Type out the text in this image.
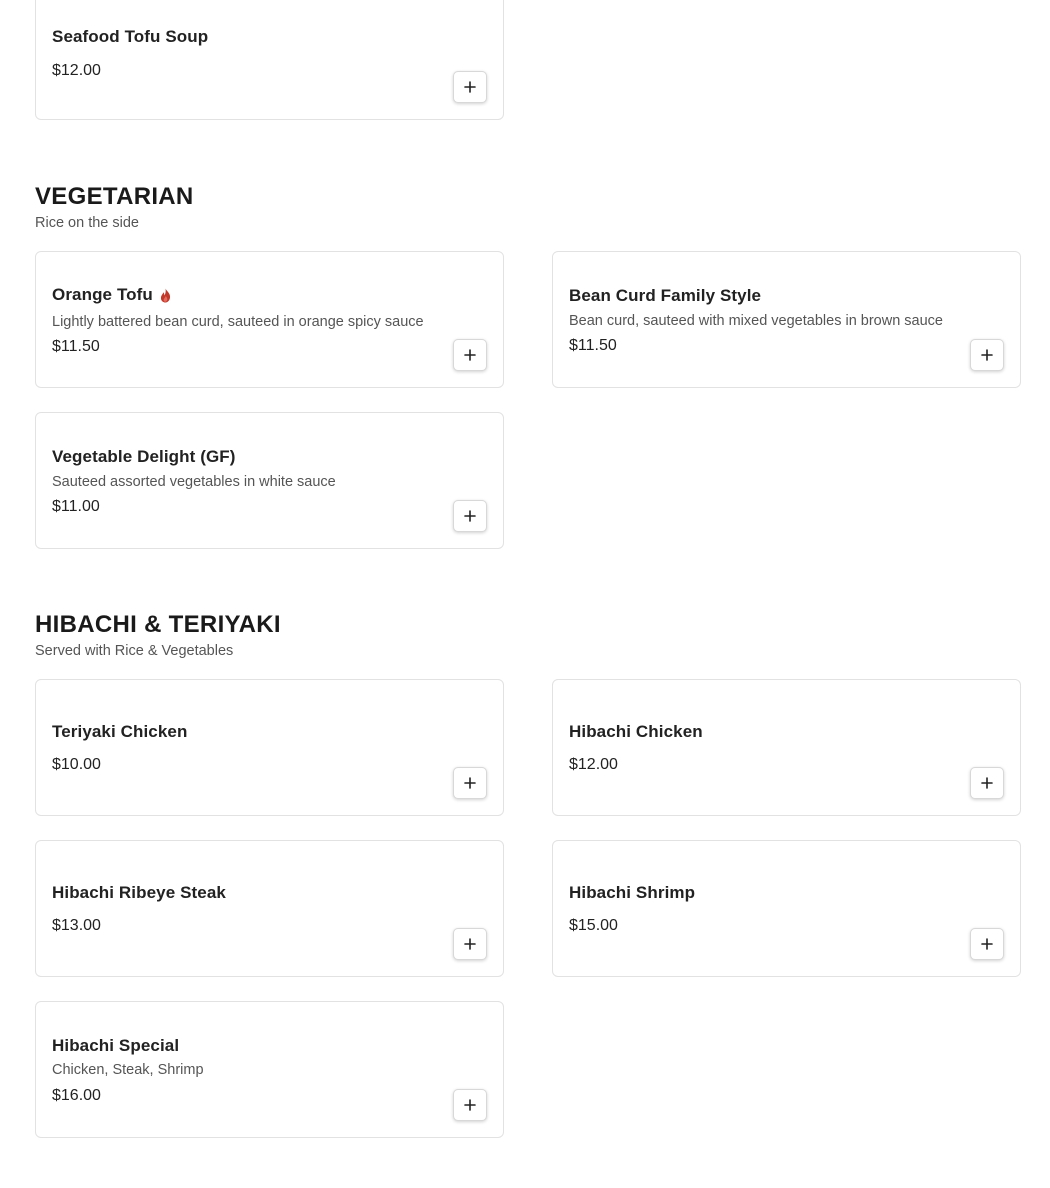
Seafood Tofu Soup
$12.00
VEGETARIAN
Rice on the side
Orange Tofu
Lightly battered bean curd, sauteed in orange spicy sauce
$11.50
Bean Curd Family Style
Bean curd, sauteed with mixed vegetables in brown sauce
$11.50
Vegetable Delight (GF)
Sauteed assorted vegetables in white sauce
$11.00
HIBACHI & TERIYAKI
Served with Rice & Vegetables
Teriyaki Chicken
$10.00
Hibachi Chicken
$12.00
Hibachi Ribeye Steak
$13.00
Hibachi Shrimp
$15.00
Hibachi Special
Chicken, Steak, Shrimp
$16.00
